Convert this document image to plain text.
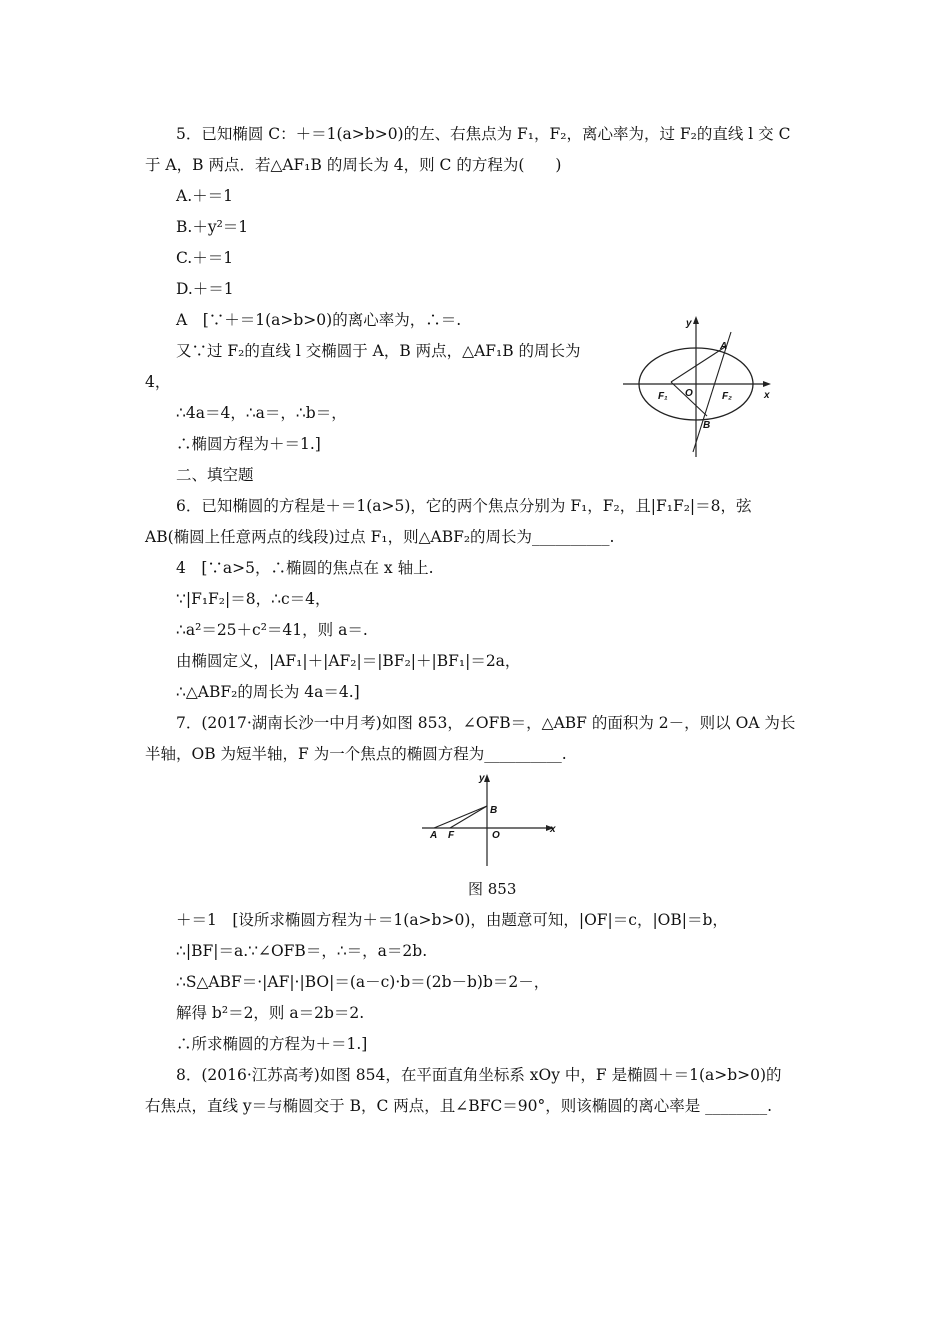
5．已知椭圆 C：＋＝1(a>b>0)的左、右焦点为 F₁，F₂，离心率为，过 F₂的直线 l 交 C
于 A，B 两点．若△AF₁B 的周长为 4，则 C 的方程为(　　)
A.＋＝1
B.＋y²＝1
C.＋＝1
D.＋＝1
A　[∵＋＝1(a>b>0)的离心率为，∴＝.
又∵过 F₂的直线 l 交椭圆于 A，B 两点，△AF₁B 的周长为
4，
∴4a＝4，∴a＝，∴b＝，
∴椭圆方程为＋＝1.]
二、填空题
6．已知椭圆的方程是＋＝1(a>5)，它的两个焦点分别为 F₁，F₂，且|F₁F₂|＝8，弦
AB(椭圆上任意两点的线段)过点 F₁，则△ABF₂的周长为__________.
4　[∵a>5，∴椭圆的焦点在 x 轴上.
∵|F₁F₂|＝8，∴c＝4，
∴a²＝25＋c²＝41，则 a＝.
由椭圆定义，|AF₁|＋|AF₂|＝|BF₂|＋|BF₁|＝2a，
∴△ABF₂的周长为 4a＝4.]
7．(2017·湖南长沙一中月考)如图 853，∠OFB＝，△ABF 的面积为 2－，则以 OA 为长
半轴，OB 为短半轴，F 为一个焦点的椭圆方程为__________.
＋＝1　[设所求椭圆方程为＋＝1(a>b>0)，由题意可知，|OF|＝c，|OB|＝b，
∴|BF|＝a.∵∠OFB＝，∴＝，a＝2b.
∴S△ABF＝·|AF|·|BO|＝(a－c)·b＝(2b－b)b＝2－，
解得 b²＝2，则 a＝2b＝2.
∴所求椭圆的方程为＋＝1.]
8．(2016·江苏高考)如图 854，在平面直角坐标系 xOy 中，F 是椭圆＋＝1(a>b>0)的
右焦点，直线 y＝与椭圆交于 B，C 两点，且∠BFC＝90°，则该椭圆的离心率是 ________.
y
x
A
B
O
F₁	F₂
y
x
B
A F	O
图 853
